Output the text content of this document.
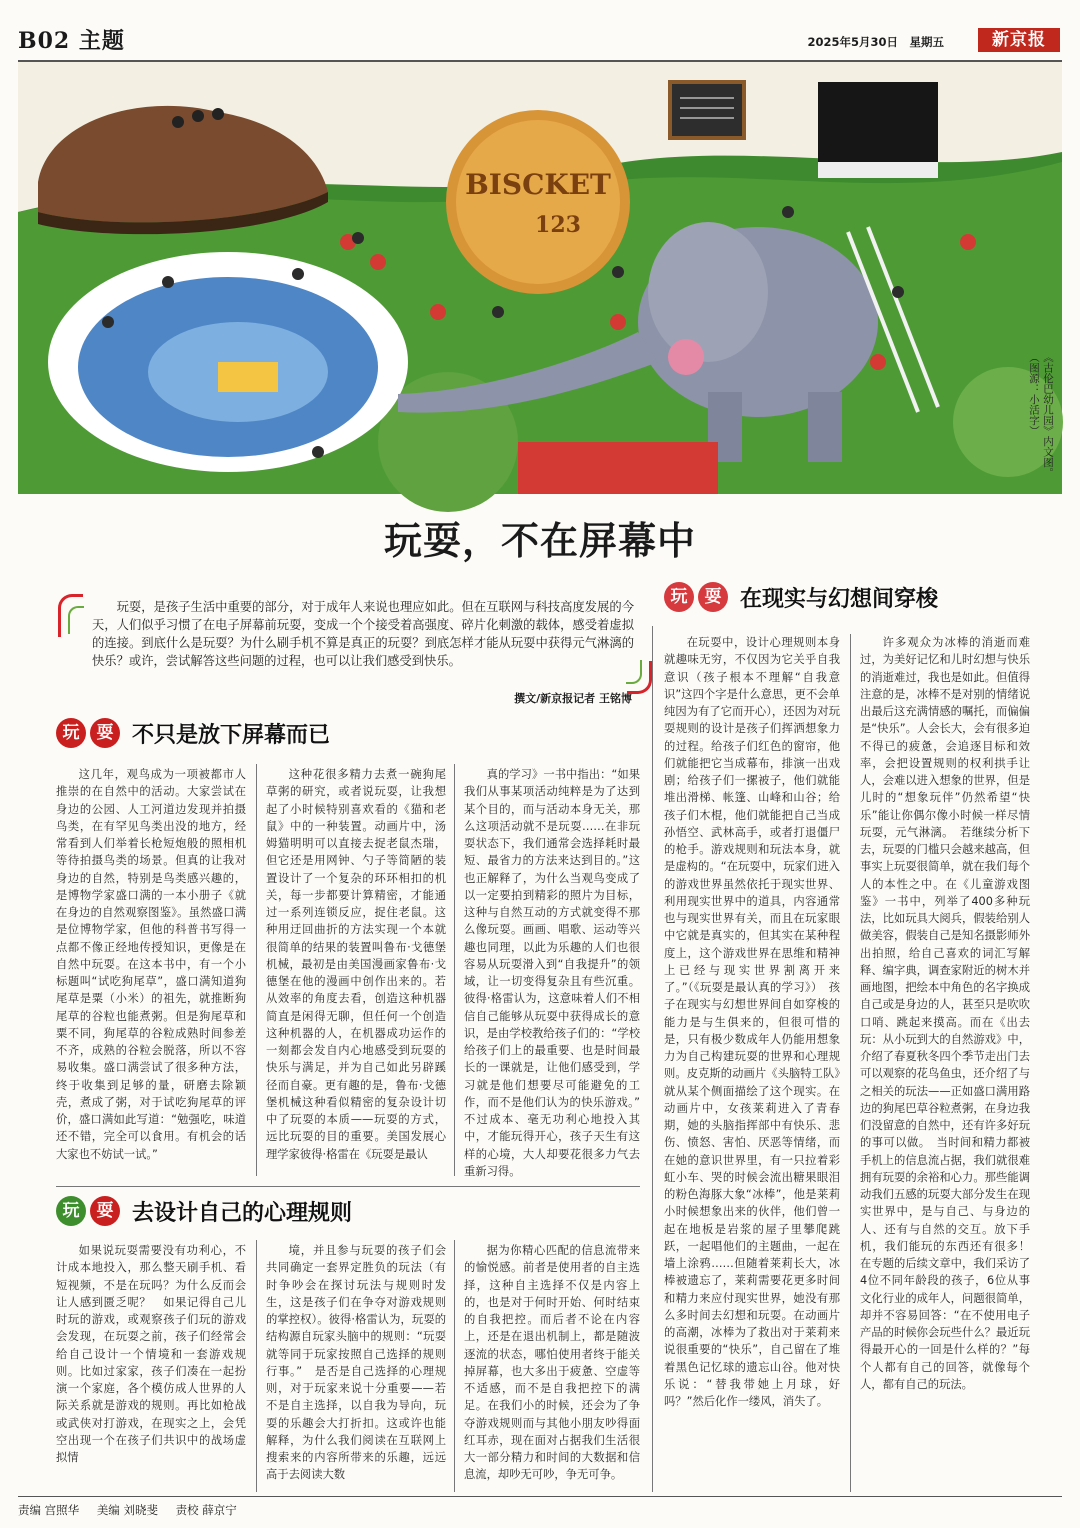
B02 主题	2025年5月30日　星期五	新京报
BISCKET
123
《古伦巴幼儿园》内文图。（图源：小活字）
玩耍，不在屏幕中
玩耍，是孩子生活中重要的部分，对于成年人来说也理应如此。但在互联网与科技高度发展的今天，人们似乎习惯了在电子屏幕前玩耍，变成一个个接受着高强度、碎片化刺激的载体，感受着虚拟的连接。到底什么是玩耍？为什么刷手机不算是真正的玩耍？到底怎样才能从玩耍中获得元气淋漓的快乐？或许，尝试解答这些问题的过程，也可以让我们感受到快乐。
撰文/新京报记者 王铭博
玩	耍 在现实与幻想间穿梭
玩	耍 不只是放下屏幕而已

这几年，观鸟成为一项被都市人推崇的在自然中的活动。大家尝试在身边的公园、人工河道边发现并拍摄鸟类，在有罕见鸟类出没的地方，经常看到人们举着长枪短炮般的照相机等待拍摄鸟类的场景。但真的让我对身边的自然，特别是鸟类感兴趣的，是博物学家盛口满的一本小册子《就在身边的自然观察图鉴》。虽然盛口满是位博物学家，但他的科普书写得一点都不像正经地传授知识，更像是在自然中玩耍。在这本书中，有一个小标题叫“试吃狗尾草”，盛口满知道狗尾草是粟（小米）的祖先，就推断狗尾草的谷粒也能煮粥。但是狗尾草和粟不同，狗尾草的谷粒成熟时间参差不齐，成熟的谷粒会脱落，所以不容易收集。盛口满尝试了很多种方法，终于收集到足够的量，研磨去除颖壳，煮成了粥，对于试吃狗尾草的评价，盛口满如此写道：“勉强吃，味道还不错，完全可以食用。有机会的话大家也不妨试一试。”

这种花很多精力去煮一碗狗尾草粥的研究，或者说玩耍，让我想起了小时候特别喜欢看的《猫和老鼠》中的一种装置。动画片中，汤姆猫明明可以直接去捉老鼠杰瑞，但它还是用网钟、勺子等简陋的装置设计了一个复杂的环环相扣的机关，每一步都要计算精密，才能通过一系列连锁反应，捉住老鼠。这种用迂回曲折的方法实现一个本就很简单的结果的装置叫鲁布·戈德堡机械，最初是由美国漫画家鲁布·戈德堡在他的漫画中创作出来的。若从效率的角度去看，创造这种机器简直是闲得无聊，但任何一个创造这种机器的人，在机器成功运作的一刻都会发自内心地感受到玩耍的快乐与满足，并为自己如此另辟蹊径而自豪。更有趣的是，鲁布·戈德堡机械这种看似精密的复杂设计切中了玩耍的本质——玩耍的方式，远比玩耍的目的重要。美国发展心理学家彼得·格雷在《玩耍是最认

真的学习》一书中指出：“如果我们从事某项活动纯粹是为了达到某个目的，而与活动本身无关，那么这项活动就不是玩耍……在非玩耍状态下，我们通常会选择耗时最短、最省力的方法来达到目的。”这也正解释了，为什么当观鸟变成了以一定要拍到精彩的照片为目标，这种与自然互动的方式就变得不那么像玩耍。画画、唱歌、运动等兴趣也同理，以此为乐趣的人们也很容易从玩耍滑入到“自我提升”的领域，让一切变得复杂且有些沉重。彼得·格雷认为，这意味着人们不相信自己能够从玩耍中获得成长的意识，是由学校教给孩子们的：“学校给孩子们上的最重要、也是时间最长的一课就是，让他们感受到，学习就是他们想要尽可能避免的工作，而不是他们认为的快乐游戏。”　不过成本、毫无功利心地投入其中，才能玩得开心，孩子天生有这样的心境，大人却要花很多力气去重新习得。

玩	耍 去设计自己的心理规则

如果说玩耍需要没有功利心，不计成本地投入，那么整天刷手机、看短视频，不是在玩吗？为什么反而会让人感到匮乏呢？　如果记得自己儿时玩的游戏，或观察孩子们玩的游戏会发现，在玩耍之前，孩子们经常会给自己设计一个情境和一套游戏规则。比如过家家，孩子们凑在一起扮演一个家庭，各个模仿成人世界的人际关系就是游戏的规则。再比如枪战或武侠对打游戏，在现实之上，会凭空出现一个在孩子们共识中的战场虚拟情

境，并且参与玩耍的孩子们会共同确定一套界定胜负的玩法（有时争吵会在探讨玩法与规则时发生，这是孩子们在争夺对游戏规则的掌控权）。彼得·格雷认为，玩耍的结构源自玩家头脑中的规则：“玩耍就等同于玩家按照自己选择的规则行事。”　是否是自己选择的心理规则，对于玩家来说十分重要——若不是自主选择，以自我为导向，玩耍的乐趣会大打折扣。这或许也能解释，为什么我们阅读在互联网上搜索来的内容所带来的乐趣，远远高于去阅读大数

据为你精心匹配的信息流带来的愉悦感。前者是使用者的自主选择，这种自主选择不仅是内容上的，也是对于何时开始、何时结束的自我把控。而后者不论在内容上，还是在退出机制上，都是随波逐流的状态，哪怕使用者终于能关掉屏幕，也大多出于疲惫、空虚等不适感，而不是自我把控下的满足。在我们小的时候，还会为了争夺游戏规则而与其他小朋友吵得面红耳赤，现在面对占据我们生活很大一部分精力和时间的大数据和信息流，却吵无可吵，争无可争。

在玩耍中，设计心理规则本身就趣味无穷，不仅因为它关乎自我意识（孩子根本不理解“自我意识”这四个字是什么意思，更不会单纯因为有了它而开心），还因为对玩耍规则的设计是孩子们挥洒想象力的过程。给孩子们红色的窗帘，他们就能把它当成幕布，排演一出戏剧；给孩子们一摞被子，他们就能堆出滑梯、帐篷、山峰和山谷；给孩子们木棍，他们就能把自己当成孙悟空、武林高手，或者打退僵尸的枪手。游戏规则和玩法本身，就是虚构的。“在玩耍中，玩家们进入的游戏世界虽然依托于现实世界、利用现实世界中的道具，内容通常也与现实世界有关，而且在玩家眼中它就是真实的，但其实在某种程度上，这个游戏世界在思维和精神上已经与现实世界割离开来了。”（《玩耍是最认真的学习》）　孩子在现实与幻想世界间自如穿梭的能力是与生俱来的，但很可惜的是，只有极少数成年人仍能用想象力为自己构建玩耍的世界和心理规则。皮克斯的动画片《头脑特工队》就从某个侧面描绘了这个现实。在动画片中，女孩莱莉进入了青春期，她的头脑指挥部中有快乐、悲伤、愤怒、害怕、厌恶等情绪，而在她的意识世界里，有一只拉着彩虹小车、哭的时候会流出糖果眼泪的粉色海豚大象“冰棒”，他是莱莉小时候想象出来的伙伴，他们曾一起在地板是岩浆的屋子里攀爬跳跃，一起唱他们的主题曲，一起在墙上涂鸦……但随着莱莉长大，冰棒被遗忘了，莱莉需要花更多时间和精力来应付现实世界，她没有那么多时间去幻想和玩耍。在动画片的高潮，冰棒为了救出对于莱莉来说很重要的“快乐”，自己留在了堆着黑色记忆球的遗忘山谷。他对快乐说：“替我带她上月球，好吗？”然后化作一缕风，消失了。

许多观众为冰棒的消逝而难过，为美好记忆和儿时幻想与快乐的消逝难过，我也是如此。但值得注意的是，冰棒不是对别的情绪说出最后这充满情感的嘱托，而偏偏是“快乐”。人会长大，会有很多迫不得已的疲惫，会追逐目标和效率，会把设置规则的权利拱手让人，会难以进入想象的世界，但是儿时的“想象玩伴”仍然希望“快乐”能让你偶尔像小时候一样尽情玩耍，元气淋漓。　若继续分析下去，玩耍的门槛只会越来越高，但事实上玩耍很简单，就在我们每个人的本性之中。在《儿童游戏图鉴》一书中，列举了400多种玩法，比如玩具大阅兵，假装给别人做美容，假装自己是知名摄影师外出拍照，给自己喜欢的词汇写解释、编字典，调查家附近的树木并画地图，把绘本中角色的名字换成自己或是身边的人，甚至只是吹吹口哨、跳起来摸高。而在《出去玩：从小玩到大的自然游戏》中，介绍了春夏秋冬四个季节走出门去可以观察的花鸟鱼虫，还介绍了与之相关的玩法——正如盛口满用路边的狗尾巴草谷粒煮粥，在身边我们没留意的自然中，还有许多好玩的事可以做。　当时间和精力都被手机上的信息流占据，我们就很难拥有玩耍的余裕和心力。那些能调动我们五感的玩耍大部分发生在现实世界中，是与自己、与身边的人、还有与自然的交互。放下手机，我们能玩的东西还有很多！　在专题的后续文章中，我们采访了4位不同年龄段的孩子，6位从事文化行业的成年人，问题很简单，却并不容易回答：“在不使用电子产品的时候你会玩些什么？最近玩得最开心的一回是什么样的？”每个人都有自己的回答，就像每个人，都有自己的玩法。

责编 宫照华 美编 刘晓斐 责校 薛京宁
